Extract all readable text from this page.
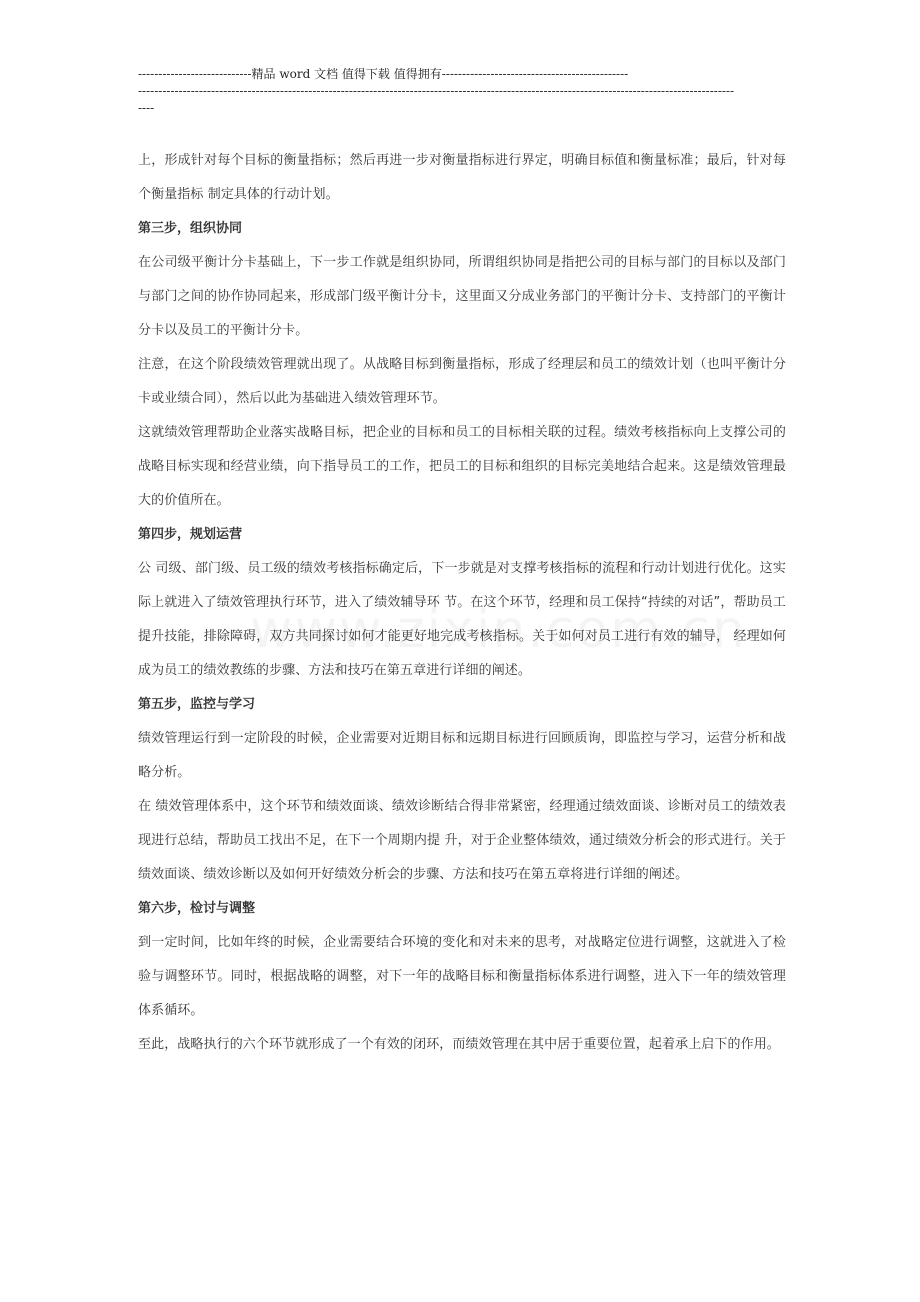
----------------------------精品 word 文档 值得下载 值得拥有----------------------------------------------
---------------------------------------------------------------------------------------------------------------------------------------------------
----

上，形成针对每个目标的衡量指标；然后再进一步对衡量指标进行界定，明确目标值和衡量标准；最后，针对每个衡量指标 制定具体的行动计划。

第三步，组织协同

在公司级平衡计分卡基础上，下一步工作就是组织协同，所谓组织协同是指把公司的目标与部门的目标以及部门与部门之间的协作协同起来，形成部门级平衡计分卡，这里面又分成业务部门的平衡计分卡、支持部门的平衡计分卡以及员工的平衡计分卡。

注意，在这个阶段绩效管理就出现了。从战略目标到衡量指标，形成了经理层和员工的绩效计划（也叫平衡计分卡或业绩合同），然后以此为基础进入绩效管理环节。

这就绩效管理帮助企业落实战略目标，把企业的目标和员工的目标相关联的过程。绩效考核指标向上支撑公司的战略目标实现和经营业绩，向下指导员工的工作，把员工的目标和组织的目标完美地结合起来。这是绩效管理最大的价值所在。

第四步，规划运营

公 司级、部门级、员工级的绩效考核指标确定后，下一步就是对支撑考核指标的流程和行动计划进行优化。这实际上就进入了绩效管理执行环节，进入了绩效辅导环 节。在这个环节，经理和员工保持“持续的对话”，帮助员工提升技能，排除障碍，双方共同探讨如何才能更好地完成考核指标。关于如何对员工进行有效的辅导， 经理如何成为员工的绩效教练的步骤、方法和技巧在第五章进行详细的阐述。

第五步，监控与学习

绩效管理运行到一定阶段的时候，企业需要对近期目标和远期目标进行回顾质询，即监控与学习，运营分析和战略分析。

在 绩效管理体系中，这个环节和绩效面谈、绩效诊断结合得非常紧密，经理通过绩效面谈、诊断对员工的绩效表现进行总结，帮助员工找出不足，在下一个周期内提 升，对于企业整体绩效，通过绩效分析会的形式进行。关于绩效面谈、绩效诊断以及如何开好绩效分析会的步骤、方法和技巧在第五章将进行详细的阐述。

第六步，检讨与调整

到一定时间，比如年终的时候，企业需要结合环境的变化和对未来的思考，对战略定位进行调整，这就进入了检验与调整环节。同时，根据战略的调整，对下一年的战略目标和衡量指标体系进行调整，进入下一年的绩效管理体系循环。

至此，战略执行的六个环节就形成了一个有效的闭环，而绩效管理在其中居于重要位置，起着承上启下的作用。
